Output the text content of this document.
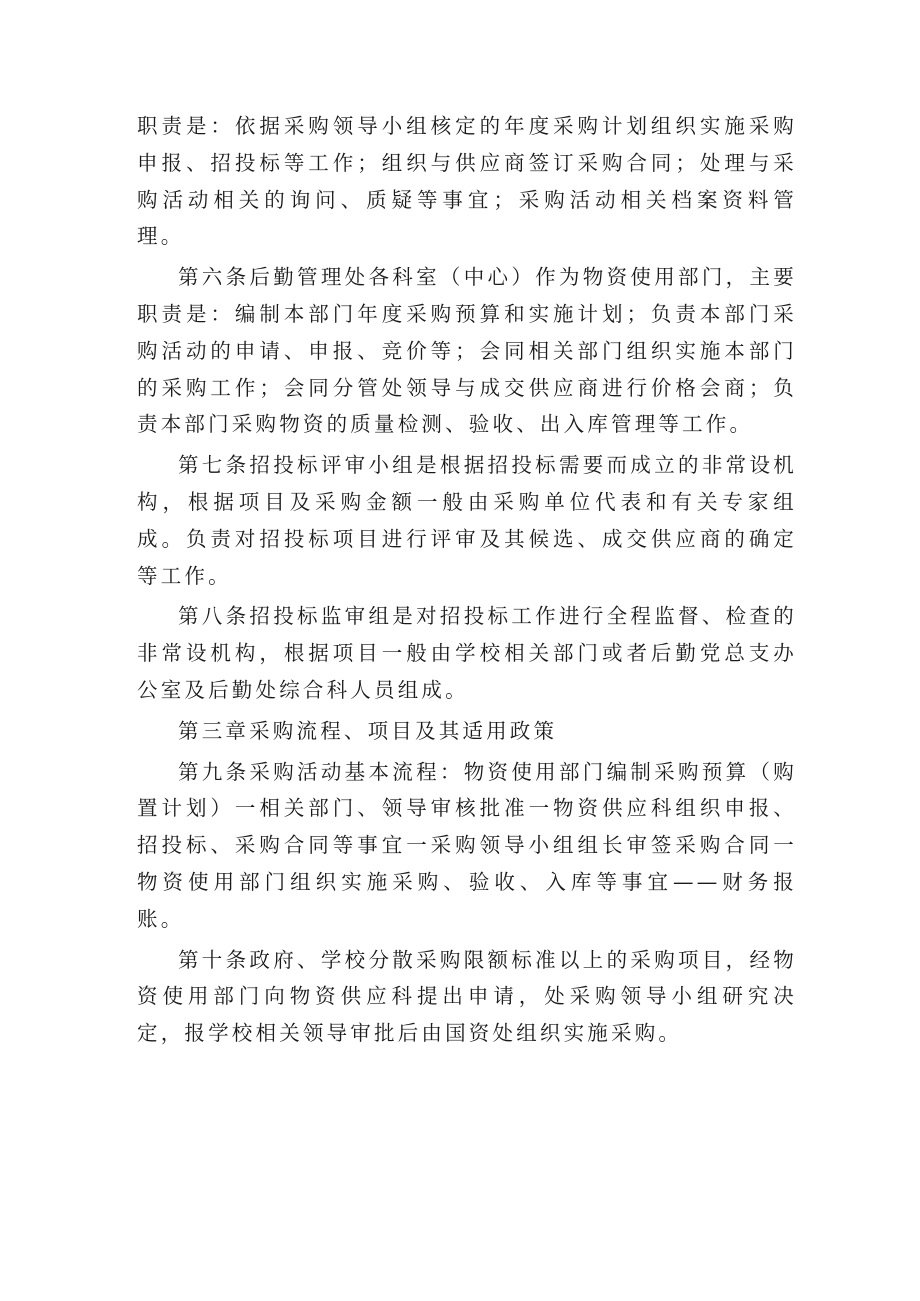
职责是：依据采购领导小组核定的年度采购计划组织实施采购申报、招投标等工作；组织与供应商签订采购合同；处理与采购活动相关的询问、质疑等事宜；采购活动相关档案资料管理。

第六条后勤管理处各科室（中心）作为物资使用部门，主要职责是：编制本部门年度采购预算和实施计划；负责本部门采购活动的申请、申报、竞价等；会同相关部门组织实施本部门的采购工作；会同分管处领导与成交供应商进行价格会商；负责本部门采购物资的质量检测、验收、出入库管理等工作。

第七条招投标评审小组是根据招投标需要而成立的非常设机构，根据项目及采购金额一般由采购单位代表和有关专家组成。负责对招投标项目进行评审及其候选、成交供应商的确定等工作。

第八条招投标监审组是对招投标工作进行全程监督、检查的非常设机构，根据项目一般由学校相关部门或者后勤党总支办公室及后勤处综合科人员组成。

第三章采购流程、项目及其适用政策

第九条采购活动基本流程：物资使用部门编制采购预算（购置计划）一相关部门、领导审核批准一物资供应科组织申报、招投标、采购合同等事宜一采购领导小组组长审签采购合同一物资使用部门组织实施采购、验收、入库等事宜——财务报账。

第十条政府、学校分散采购限额标准以上的采购项目，经物资使用部门向物资供应科提出申请，处采购领导小组研究决定，报学校相关领导审批后由国资处组织实施采购。
